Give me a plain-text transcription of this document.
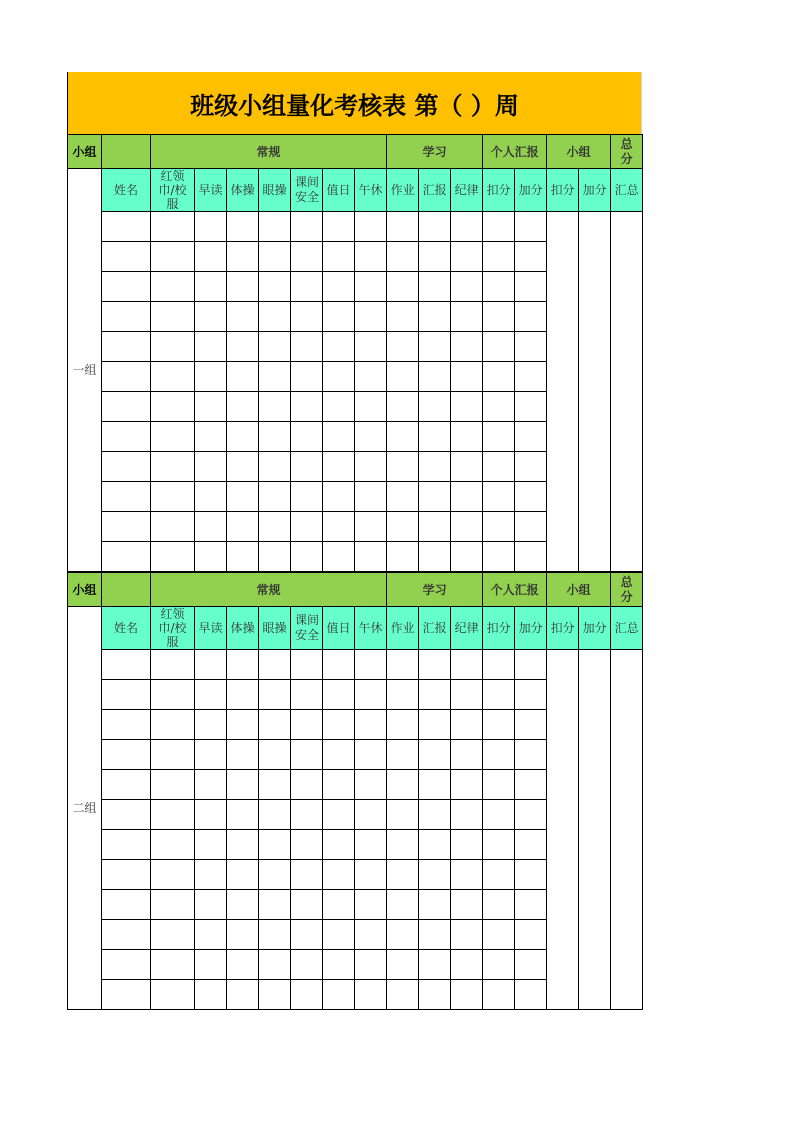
班级小组量化考核表 第（ ）周
小组		常规							学习			个人汇报		小组		总分
一组	姓名	红领巾/校服	早读	体操	眼操	课间安全	值日	午休	作业	汇报	纪律	扣分	加分	扣分	加分	汇总

小组		常规							学习			个人汇报		小组		总分
二组	姓名	红领巾/校服	早读	体操	眼操	课间安全	值日	午休	作业	汇报	纪律	扣分	加分	扣分	加分	汇总
